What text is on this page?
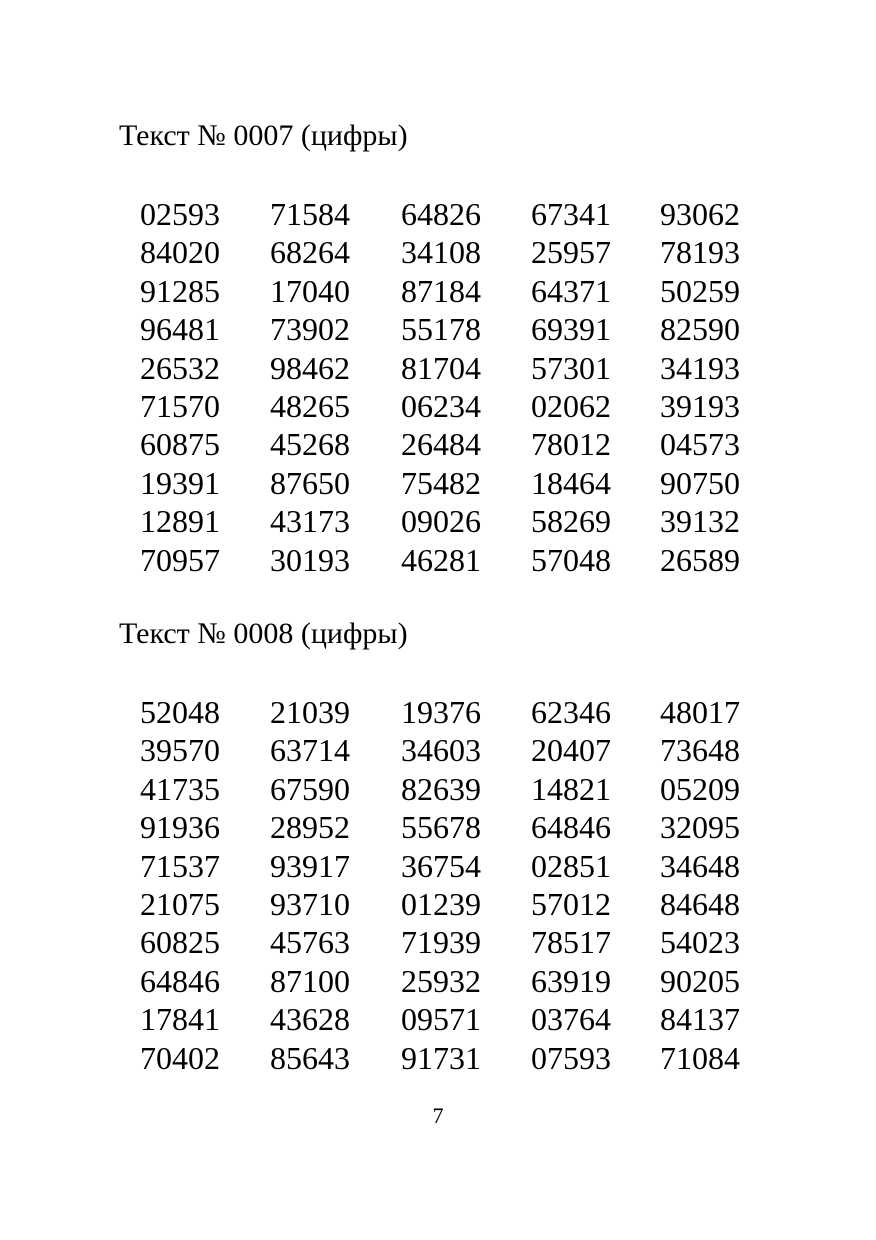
Текст № 0007 (цифры)
02593 71584 64826 67341 93062
84020 68264 34108 25957 78193
91285 17040 87184 64371 50259
96481 73902 55178 69391 82590
26532 98462 81704 57301 34193
71570 48265 06234 02062 39193
60875 45268 26484 78012 04573
19391 87650 75482 18464 90750
12891 43173 09026 58269 39132
70957 30193 46281 57048 26589
Текст № 0008 (цифры)
52048 21039 19376 62346 48017
39570 63714 34603 20407 73648
41735 67590 82639 14821 05209
91936 28952 55678 64846 32095
71537 93917 36754 02851 34648
21075 93710 01239 57012 84648
60825 45763 71939 78517 54023
64846 87100 25932 63919 90205
17841 43628 09571 03764 84137
70402 85643 91731 07593 71084
7
